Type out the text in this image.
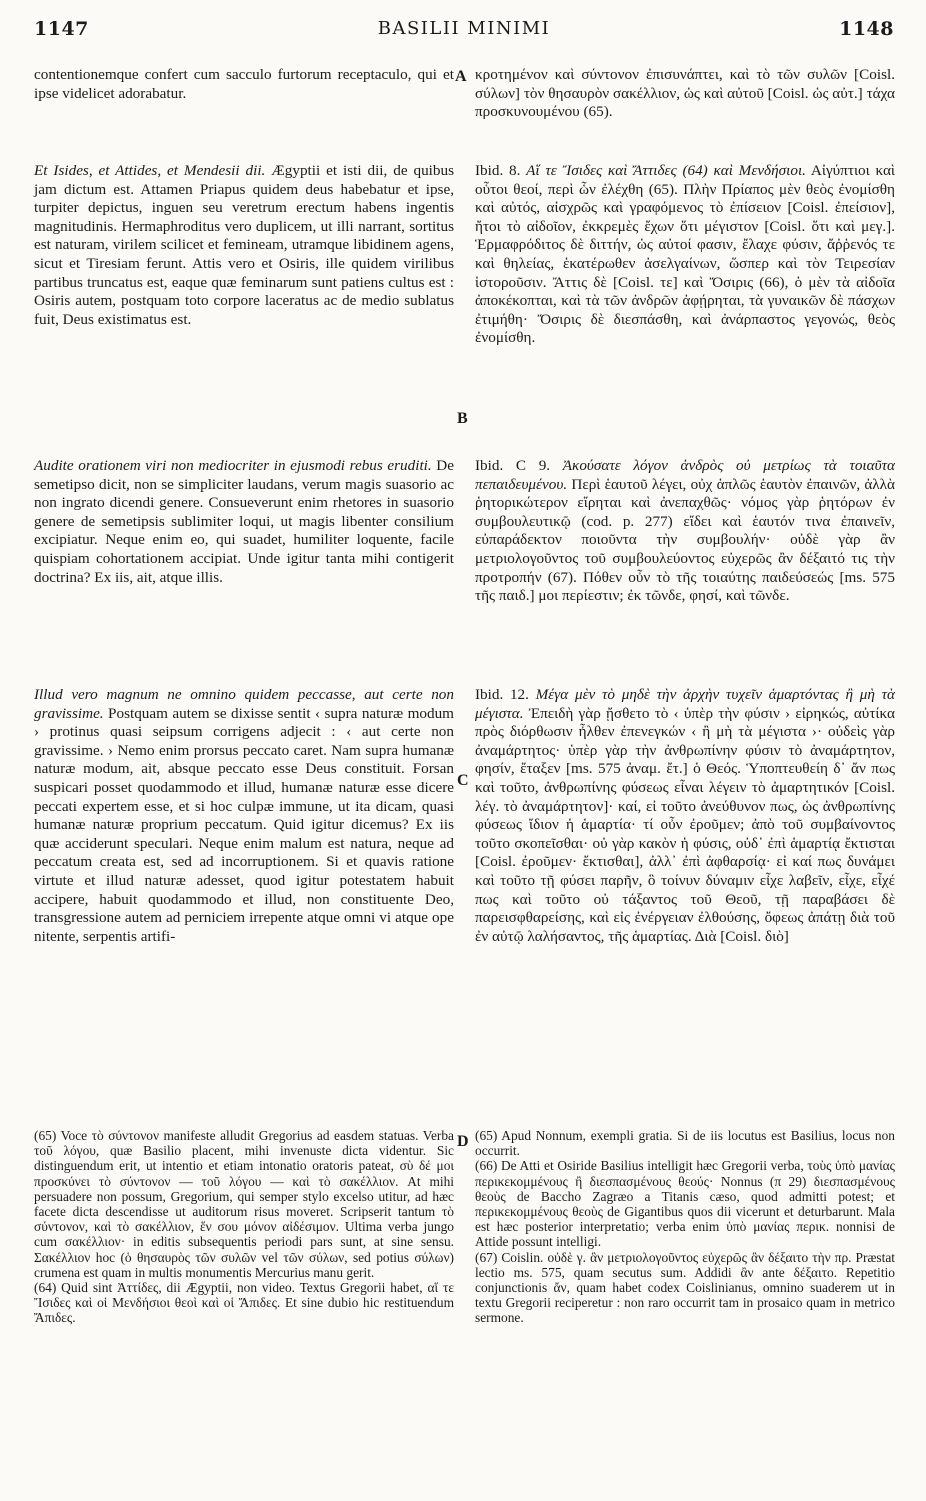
1147	BASILII MINIMI	1148
A
B
C
D

contentionemque confert cum sacculo furtorum receptaculo, qui et ipse videlicet adorabatur.

Et Isides, et Attides, et Mendesii dii. Ægyptii et isti dii, de quibus jam dictum est. Attamen Priapus quidem deus habebatur et ipse, turpiter depictus, inguen seu veretrum erectum habens ingentis magnitudinis. Hermaphroditus vero duplicem, ut illi narrant, sortitus est naturam, virilem scilicet et femineam, utramque libidinem agens, sicut et Tiresiam ferunt. Attis vero et Osiris, ille quidem virilibus partibus truncatus est, eaque quæ feminarum sunt patiens cultus est : Osiris autem, postquam toto corpore laceratus ac de medio sublatus fuit, Deus existimatus est.

Audite orationem viri non mediocriter in ejusmodi rebus eruditi. De semetipso dicit, non se simpliciter laudans, verum magis suasorio ac non ingrato dicendi genere. Consueverunt enim rhetores in suasorio genere de semetipsis sublimiter loqui, ut magis libenter consilium excipiatur. Neque enim eo, qui suadet, humiliter loquente, facile quispiam cohortationem accipiat. Unde igitur tanta mihi contigerit doctrina? Ex iis, ait, atque illis.

Illud vero magnum ne omnino quidem peccasse, aut certe non gravissime. Postquam autem se dixisse sentit ‹ supra naturæ modum › protinus quasi seipsum corrigens adjecit : ‹ aut certe non gravissime. › Nemo enim prorsus peccato caret. Nam supra humanæ naturæ modum, ait, absque peccato esse Deus constituit. Forsan suspicari posset quodammodo et illud, humanæ naturæ esse dicere peccati expertem esse, et si hoc culpæ immune, ut ita dicam, quasi humanæ naturæ proprium peccatum. Quid igitur dicemus? Ex iis quæ acciderunt speculari. Neque enim malum est natura, neque ad peccatum creata est, sed ad incorruptionem. Si et quavis ratione virtute et illud naturæ adesset, quod igitur potestatem habuit accipere, habuit quodammodo et illud, non constituente Deo, transgressione autem ad perniciem irrepente atque omni vi atque ope nitente, serpentis artifi-

(65) Voce τὸ σύντονον manifeste alludit Gregorius ad easdem statuas. Verba τοῦ λόγου, quæ Basilio placent, mihi invenuste dicta videntur. Sic distinguendum erit, ut intentio et etiam intonatio oratoris pateat, σὺ δέ μοι προσκύνει τὸ σύντονον — τοῦ λόγου — καὶ τὸ σακέλλιον. At mihi persuadere non possum, Gregorium, qui semper stylo excelso utitur, ad hæc facete dicta descendisse ut auditorum risus moveret. Scripserit tantum τὸ σύντονον, καὶ τὸ σακέλλιον, ἕν σου μόνον αἰδέσιμον. Ultima verba jungo cum σακέλλιον· in editis subsequentis periodi pars sunt, at sine sensu. Σακέλλιον hoc (ὁ θησαυρὸς τῶν συλῶν vel τῶν σύλων, sed potius σύλων) crumena est quam in multis monumentis Mercurius manu gerit.

(64) Quid sint Ἀττίδες, dii Ægyptii, non video. Textus Gregorii habet, αἵ τε Ἴσιδες καὶ οἱ Μενδήσιοι θεοὶ καὶ οἱ Ἄπιδες. Et sine dubio hic restituendum Ἄπιδες.

κροτημένον καὶ σύντονον ἐπισυνάπτει, καὶ τὸ τῶν συλῶν [Coisl. σύλων] τὸν θησαυρὸν σακέλλιον, ὡς καὶ αὐτοῦ [Coisl. ὡς αὐτ.] τάχα προσκυνουμένου (65).

Ibid. 8. Αἵ τε Ἴσιδες καὶ Ἄττιδες (64) καὶ Μενδήσιοι. Αἰγύπτιοι καὶ οὗτοι θεοί, περὶ ὧν ἐλέχθη (65). Πλὴν Πρίαπος μὲν θεὸς ἐνομίσθη καὶ αὐτός, αἰσχρῶς καὶ γραφόμενος τὸ ἐπίσειον [Coisl. ἐπείσιον], ἤτοι τὸ αἰδοῖον, ἐκκρεμὲς ἔχων ὅτι μέγιστον [Coisl. ὅτι καὶ μεγ.]. Ἑρμαφρόδιτος δὲ διττήν, ὡς αὐτοί φασιν, ἔλαχε φύσιν, ἄῤῥενός τε καὶ θηλείας, ἑκατέρωθεν ἀσελγαίνων, ὥσπερ καὶ τὸν Τειρεσίαν ἱστοροῦσιν. Ἄττις δὲ [Coisl. τε] καὶ Ὄσιρις (66), ὁ μὲν τὰ αἰδοῖα ἀποκέκοπται, καὶ τὰ τῶν ἀνδρῶν ἀφῄρηται, τὰ γυναικῶν δὲ πάσχων ἐτιμήθη· Ὄσιρις δὲ διεσπάσθη, καὶ ἀνάρπαστος γεγονώς, θεὸς ἐνομίσθη.

Ibid. C 9. Ἀκούσατε λόγον ἀνδρὸς οὐ μετρίως τὰ τοιαῦτα πεπαιδευμένου. Περὶ ἑαυτοῦ λέγει, οὐχ ἁπλῶς ἑαυτὸν ἐπαινῶν, ἀλλὰ ῥητορικώτερον εἴρηται καὶ ἀνεπαχθῶς· νόμος γὰρ ῥητόρων ἐν συμβουλευτικῷ (cod. p. 277) εἴδει καὶ ἑαυτόν τινα ἐπαινεῖν, εὐπαράδεκτον ποιοῦντα τὴν συμβουλήν· οὐδὲ γὰρ ἂν μετριολογοῦντος τοῦ συμβουλεύοντος εὐχερῶς ἂν δέξαιτό τις τὴν προτροπήν (67). Πόθεν οὖν τὸ τῆς τοιαύτης παιδεύσεώς [ms. 575 τῆς παιδ.] μοι περίεστιν; ἐκ τῶνδε, φησί, καὶ τῶνδε.

Ibid. 12. Μέγα μὲν τὸ μηδὲ τὴν ἀρχὴν τυχεῖν ἁμαρτόντας ἢ μὴ τὰ μέγιστα. Ἐπειδὴ γὰρ ᾔσθετο τὸ ‹ ὑπὲρ τὴν φύσιν › εἰρηκώς, αὐτίκα πρὸς διόρθωσιν ἦλθεν ἐπενεγκών ‹ ἢ μὴ τὰ μέγιστα ›· οὐδεὶς γὰρ ἀναμάρτητος· ὑπὲρ γὰρ τὴν ἀνθρωπίνην φύσιν τὸ ἀναμάρτητον, φησίν, ἔταξεν [ms. 575 ἀναμ. ἔτ.] ὁ Θεός. Ὑποπτευθείη δ᾽ ἄν πως καὶ τοῦτο, ἀνθρωπίνης φύσεως εἶναι λέγειν τὸ ἀμαρτητικόν [Coisl. λέγ. τὸ ἀναμάρτητον]· καί, εἰ τοῦτο ἀνεύθυνον πως, ὡς ἀνθρωπίνης φύσεως ἴδιον ἡ ἁμαρτία· τί οὖν ἐροῦμεν; ἀπὸ τοῦ συμβαίνοντος τοῦτο σκοπεῖσθαι· οὐ γὰρ κακὸν ἡ φύσις, οὐδ᾽ ἐπὶ ἁμαρτίᾳ ἔκτισται [Coisl. ἐροῦμεν· ἔκτισθαι], ἀλλ᾽ ἐπὶ ἀφθαρσίᾳ· εἰ καί πως δυνάμει καὶ τοῦτο τῇ φύσει παρῆν, ὃ τοίνυν δύναμιν εἶχε λαβεῖν, εἶχε, εἶχέ πως καὶ τοῦτο οὐ τάξαντος τοῦ Θεοῦ, τῇ παραβάσει δὲ παρεισφθαρείσης, καὶ εἰς ἐνέργειαν ἐλθούσης, ὄφεως ἀπάτῃ διὰ τοῦ ἐν αὐτῷ λαλήσαντος, τῆς ἁμαρτίας. Διὰ [Coisl. διὸ]

(65) Apud Nonnum, exempli gratia. Si de iis locutus est Basilius, locus non occurrit.

(66) De Atti et Osiride Basilius intelligit hæc Gregorii verba, τοὺς ὑπὸ μανίας περικεκομμένους ἢ διεσπασμένους θεούς· Nonnus (π 29) διεσπασμένους θεοὺς de Baccho Zagræo a Titanis cæso, quod admitti potest; et περικεκομμένους θεοὺς de Gigantibus quos dii vicerunt et deturbarunt. Mala est hæc posterior interpretatio; verba enim ὑπὸ μανίας περικ. nonnisi de Attide possunt intelligi.

(67) Coislin. οὐδὲ γ. ἂν μετριολογοῦντος εὐχερῶς ἂν δέξαιτο τὴν πρ. Præstat lectio ms. 575, quam secutus sum. Addidi ἂν ante δέξαιτο. Repetitio conjunctionis ἄν, quam habet codex Coislinianus, omnino suaderem ut in textu Gregorii reciperetur : non raro occurrit tam in prosaico quam in metrico sermone.
